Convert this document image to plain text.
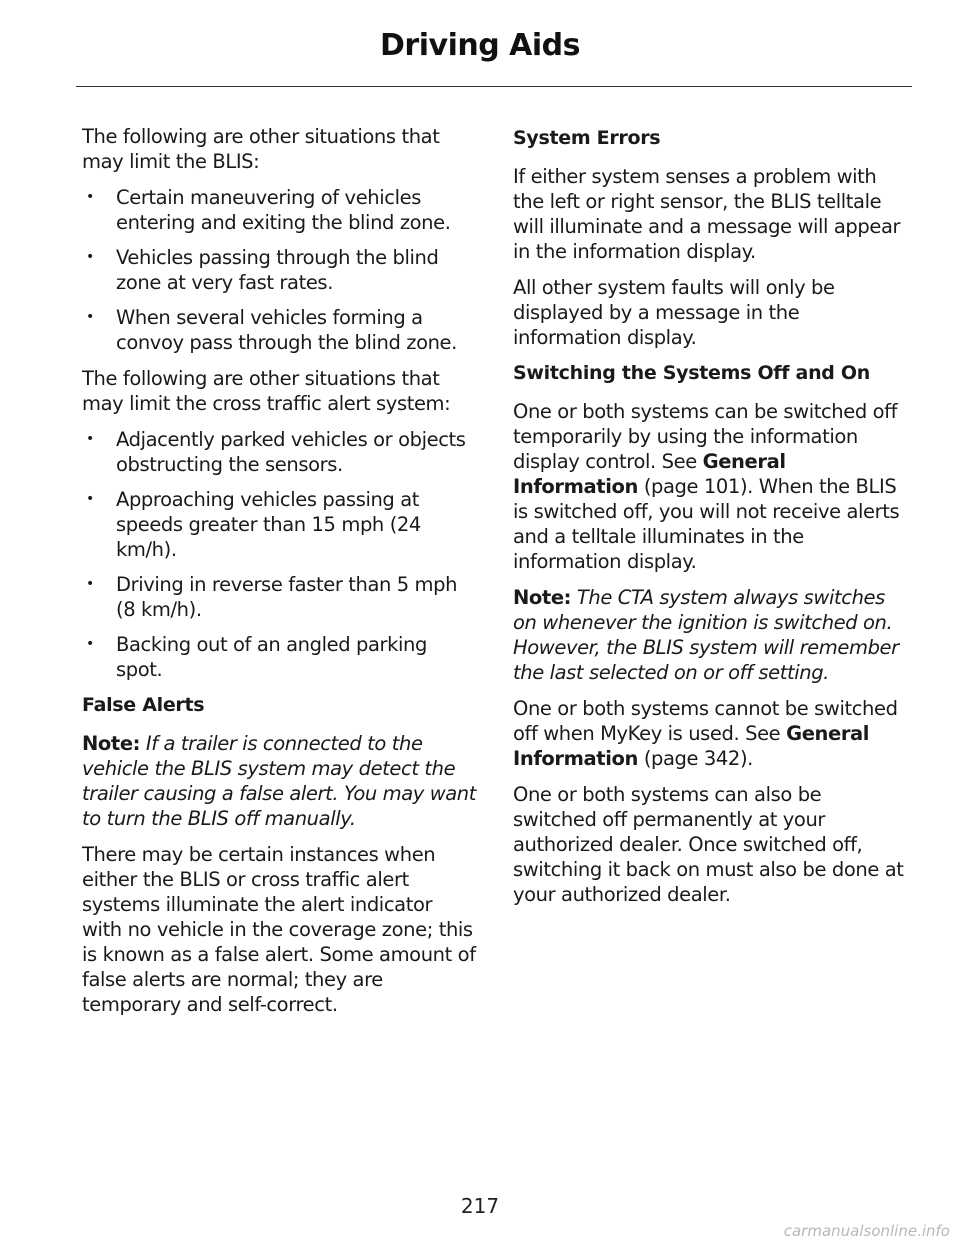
Driving Aids

The following are other situations that may limit the BLIS:

• Certain maneuvering of vehicles entering and exiting the blind zone.
• Vehicles passing through the blind zone at very fast rates.
• When several vehicles forming a convoy pass through the blind zone.

The following are other situations that may limit the cross traffic alert system:

• Adjacently parked vehicles or objects obstructing the sensors.
• Approaching vehicles passing at speeds greater than 15 mph (24 km/h).
• Driving in reverse faster than 5 mph (8 km/h).
• Backing out of an angled parking spot.
False Alerts

Note: If a trailer is connected to the vehicle the BLIS system may detect the trailer causing a false alert. You may want to turn the BLIS off manually.

There may be certain instances when either the BLIS or cross traffic alert systems illuminate the alert indicator with no vehicle in the coverage zone; this is known as a false alert. Some amount of false alerts are normal; they are temporary and self-correct.

System Errors

If either system senses a problem with the left or right sensor, the BLIS telltale will illuminate and a message will appear in the information display.

All other system faults will only be displayed by a message in the information display.

Switching the Systems Off and On

One or both systems can be switched off temporarily by using the information display control. See General Information (page 101). When the BLIS is switched off, you will not receive alerts and a telltale illuminates in the information display.

Note: The CTA system always switches on whenever the ignition is switched on. However, the BLIS system will remember the last selected on or off setting.

One or both systems cannot be switched off when MyKey is used. See General Information (page 342).

One or both systems can also be switched off permanently at your authorized dealer. Once switched off, switching it back on must also be done at your authorized dealer.

217
carmanualsonline.info
